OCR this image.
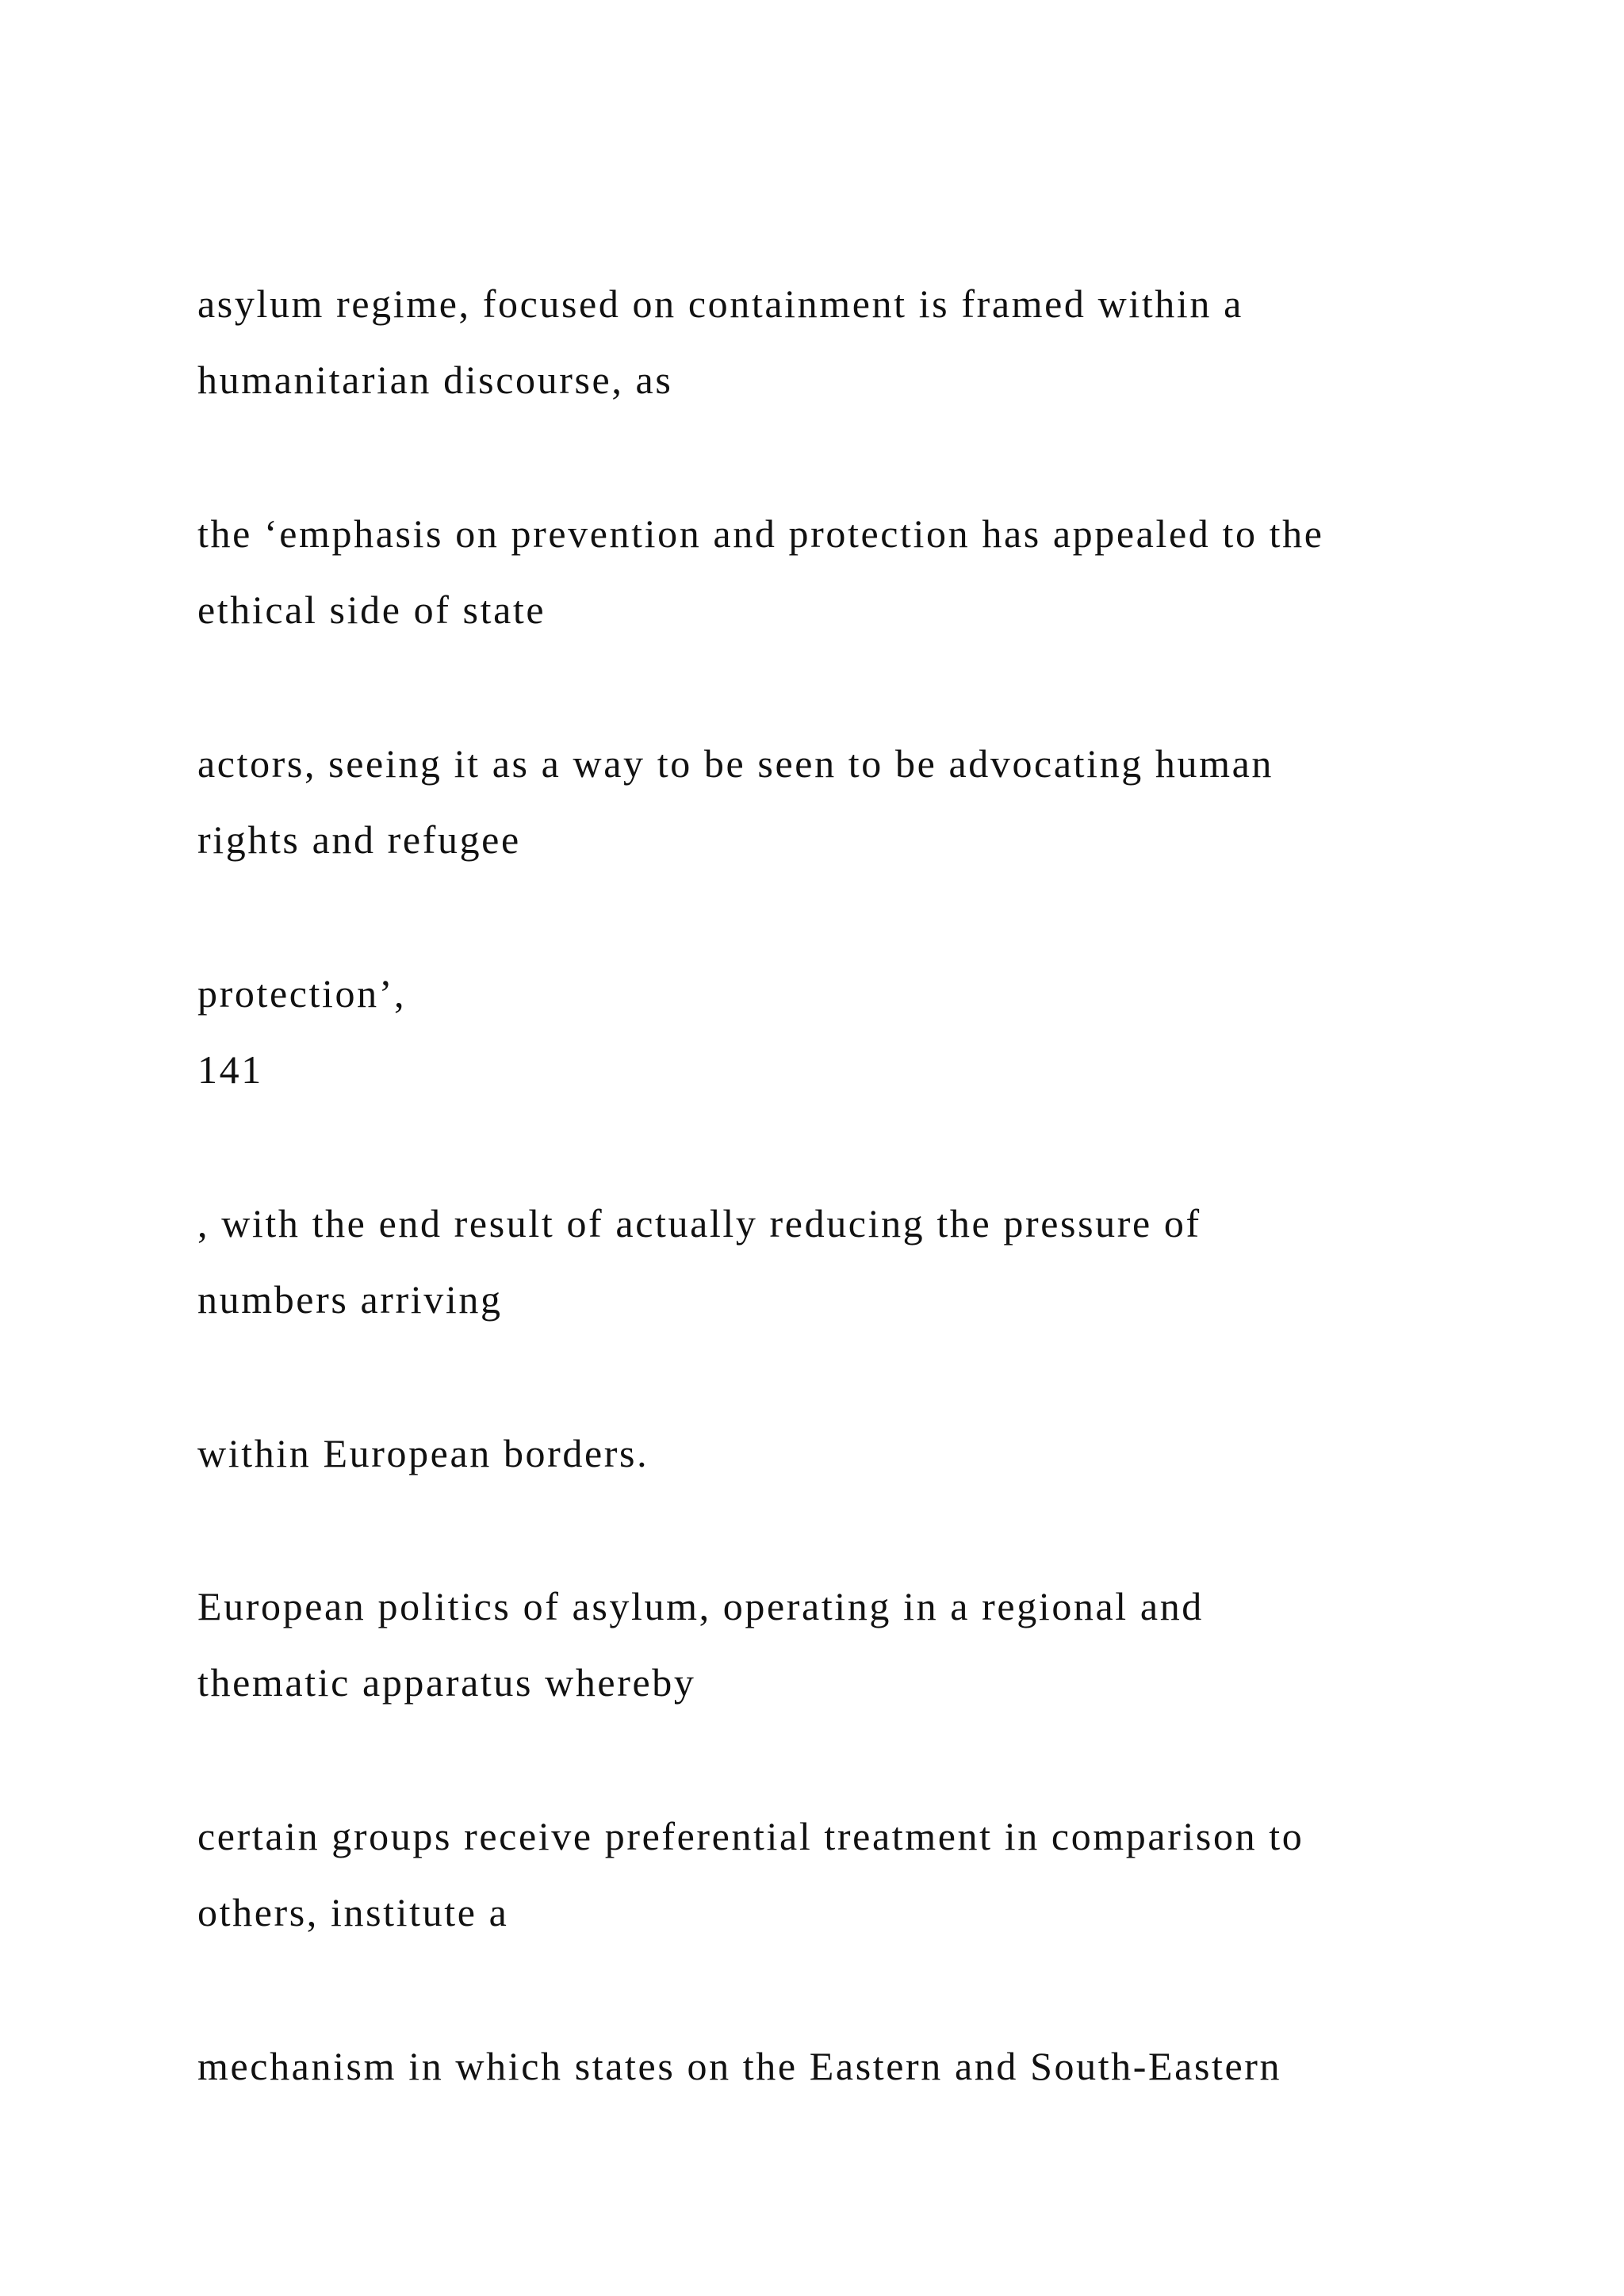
asylum regime, focused on containment is framed within a
humanitarian discourse, as

the ‘emphasis on prevention and protection has appealed to the
ethical side of state

actors, seeing it as a way to be seen to be advocating human
rights and refugee

protection’,
141

, with the end result of actually reducing the pressure of
numbers arriving

within European borders.

European politics of asylum, operating in a regional and
thematic apparatus whereby

certain groups receive preferential treatment in comparison to
others, institute a

mechanism in which states on the Eastern and South-Eastern
